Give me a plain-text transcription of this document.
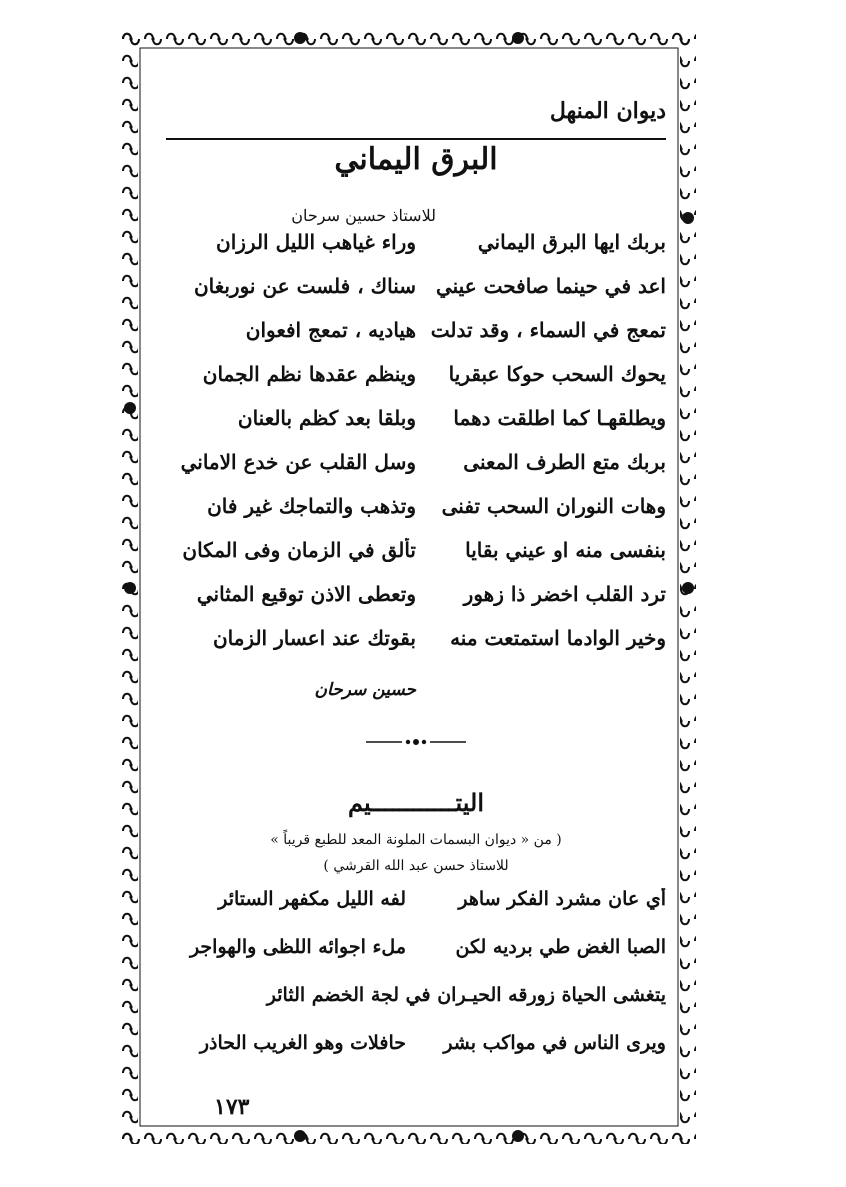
ديوان المنهل
البرق اليماني
للاستاذ حسين سرحان
بربك ايها البرق اليماني
وراء غياهب الليل الرزان
اعد في حينما صافحت عيني
سناك ، فلست عن نوربغان
تمعج في السماء ، وقد تدلت
هياديه ، تمعج افعوان
يحوك السحب حوكا عبقريا
وينظم عقدها نظم الجمان
ويطلقهـا كما اطلقت دهما
وبلقا بعد كظم بالعنان
بربك متع الطرف المعنى
وسل القلب عن خدع الاماني
وهات النوران السحب تفنى
وتذهب والتماجك غير فان
بنفسى منه او عيني بقايا
تألق في الزمان وفى المكان
ترد القلب اخضر ذا زهور
وتعطى الاذن توقيع المثاني
وخير الوادما استمتعت منه
بقوتك عند اعسار الزمان
حسين سرحان
اليتــــــــــــيم
( من « ديوان البسمات الملونة المعد للطبع قريباً »
للاستاذ حسن عبد الله القرشي )
أي عان مشرد الفكر ساهر
لفه الليل مكفهر الستائر
الصبا الغض طي برديه لكن
ملء اجوائه اللظى والهواجر
يتغشى الحياة زورقه الحيـران في لجة الخضم الثائر
ويرى الناس في مواكب بشر
حافلات وهو الغريب الحاذر
١٧٣
